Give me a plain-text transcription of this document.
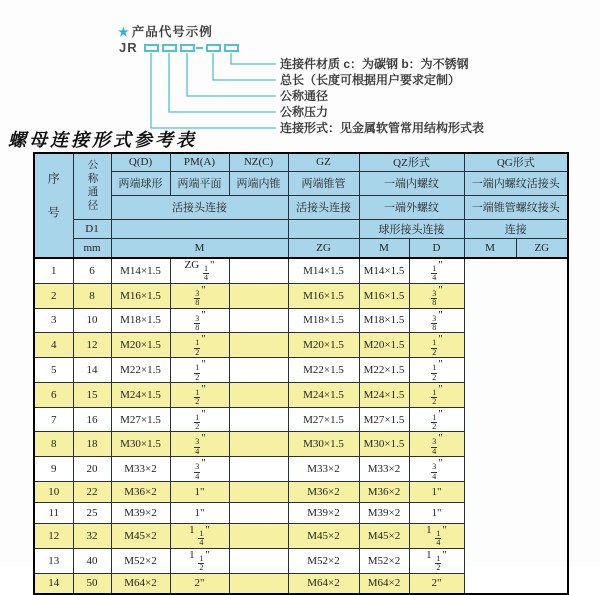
★ 产品代号示例
JR
连接件材质 c：为碳钢 b：为不锈钢
总长（长度可根据用户要求定制）
公称通径
公称压力
连接形式：见金属软管常用结构形式表
螺母连接形式参考表
序号	公称通径	Q(D)	PM(A)	NZ(C)	GZ	QZ形式		QG形式	
		两端球形	两端平面	两端内锥	两端锥管	一端内螺纹		一端内螺纹活接头	
		活接头连接			活接头连接	一端外螺纹		一端锥管螺纹接头	
	D1					球形接头连接		连接	
	mm	M			ZG	M	D	M	ZG
1	6	M14×1.5	ZG $\frac{1}{4}$ "		M14×1.5	M14×1.5	$\frac{1}{4}$ "		
2	8	M16×1.5	$\frac{3}{8}$ "		M16×1.5	M16×1.5	$\frac{3}{8}$ "		
3	10	M18×1.5	$\frac{3}{8}$ "		M18×1.5	M18×1.5	$\frac{3}{8}$ "		
4	12	M20×1.5	$\frac{1}{2}$ "		M20×1.5	M20×1.5	$\frac{1}{2}$ "		
5	14	M22×1.5	$\frac{1}{2}$ "		M22×1.5	M22×1.5	$\frac{1}{2}$ "		
6	15	M24×1.5	$\frac{1}{2}$ "		M24×1.5	M24×1.5	$\frac{1}{2}$ "		
7	16	M27×1.5	$\frac{1}{2}$ "		M27×1.5	M27×1.5	$\frac{1}{2}$ "		
8	18	M30×1.5	$\frac{3}{4}$ "		M30×1.5	M30×1.5	$\frac{3}{4}$ "		
9	20	M33×2	$\frac{3}{4}$ "		M33×2	M33×2	$\frac{3}{4}$ "		
10	22	M36×2	1"		M36×2	M36×2	1"		
11	25	M39×2	1"		M39×2	M39×2	1"		
12	32	M45×2	$1 \frac{1}{4}$ "		M45×2	M45×2	$1 \frac{1}{4}$ "		
13	40	M52×2	$1 \frac{1}{2}$ "		M52×2	M52×2	$1 \frac{1}{2}$ "		
14	50	M64×2	2"		M64×2	M64×2	2"		
